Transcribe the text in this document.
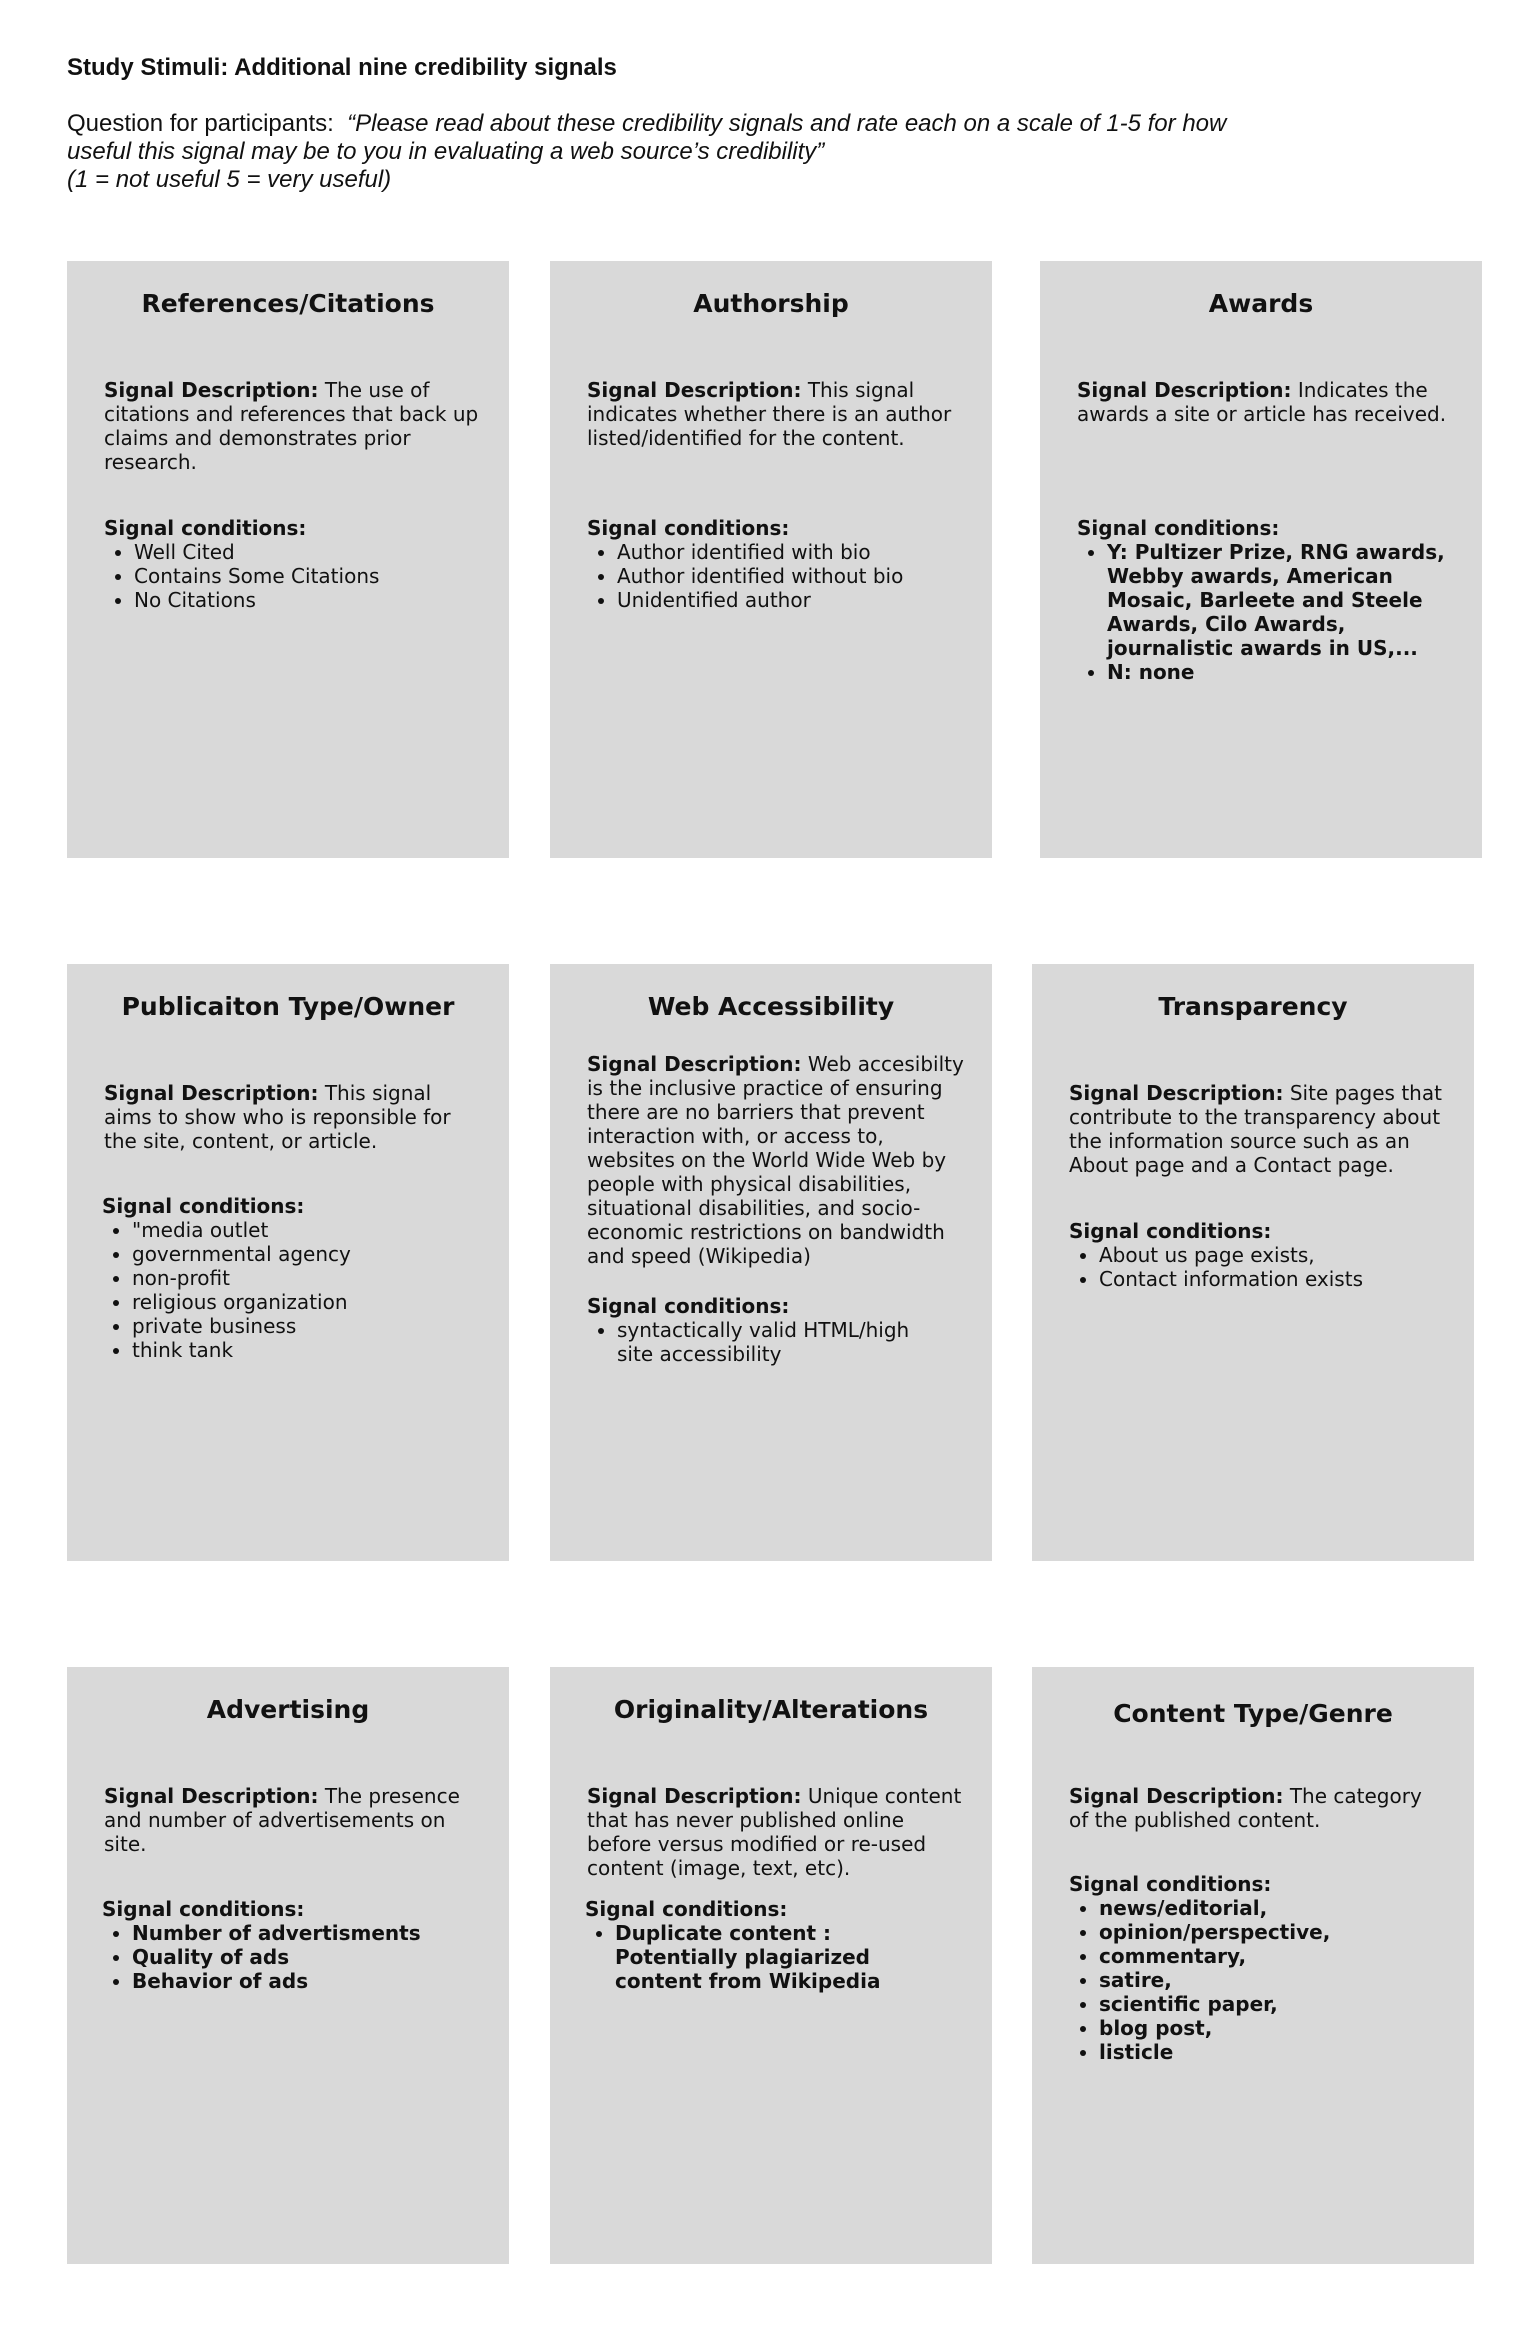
Study Stimuli: Additional nine credibility signals

Question for participants: “Please read about these credibility signals and rate each on a scale of 1-5 for how useful this signal may be to you in evaluating a web source’s credibility”
(1 = not useful 5 = very useful)

References/Citations

Signal Description: The use of citations and references that back up claims and demonstrates prior research.

Signal conditions:
• Well Cited
• Contains Some Citations
• No Citations
Authorship

Signal Description: This signal indicates whether there is an author listed/identified for the content.

Signal conditions:
• Author identified with bio
• Author identified without bio
• Unidentified author
Awards

Signal Description: Indicates the awards a site or article has received.

Signal conditions:
• Y: Pultizer Prize, RNG awards, Webby awards, American Mosaic, Barleete and Steele Awards, Cilo Awards, journalistic awards in US,...
• N: none
Publicaiton Type/Owner

Signal Description: This signal aims to show who is reponsible for the site, content, or article.

Signal conditions:
• "media outlet
• governmental agency
• non-profit
• religious organization
• private business
• think tank
Web Accessibility

Signal Description: Web accesibilty is the inclusive practice of ensuring there are no barriers that prevent interaction with, or access to, websites on the World Wide Web by people with physical disabilities, situational disabilities, and socio-economic restrictions on bandwidth and speed (Wikipedia)

Signal conditions:
• syntactically valid HTML/high site accessibility
Transparency

Signal Description: Site pages that contribute to the transparency about the information source such as an About page and a Contact page.

Signal conditions:
• About us page exists,
• Contact information exists
Advertising

Signal Description: The presence and number of advertisements on site.

Signal conditions:
• Number of advertisments
• Quality of ads
• Behavior of ads
Originality/Alterations

Signal Description: Unique content that has never published online before versus modified or re-used content (image, text, etc).

Signal conditions:
• Duplicate content : Potentially plagiarized content from Wikipedia
Content Type/Genre

Signal Description: The category of the published content.

Signal conditions:
• news/editorial,
• opinion/perspective,
• commentary,
• satire,
• scientific paper,
• blog post,
• listicle
